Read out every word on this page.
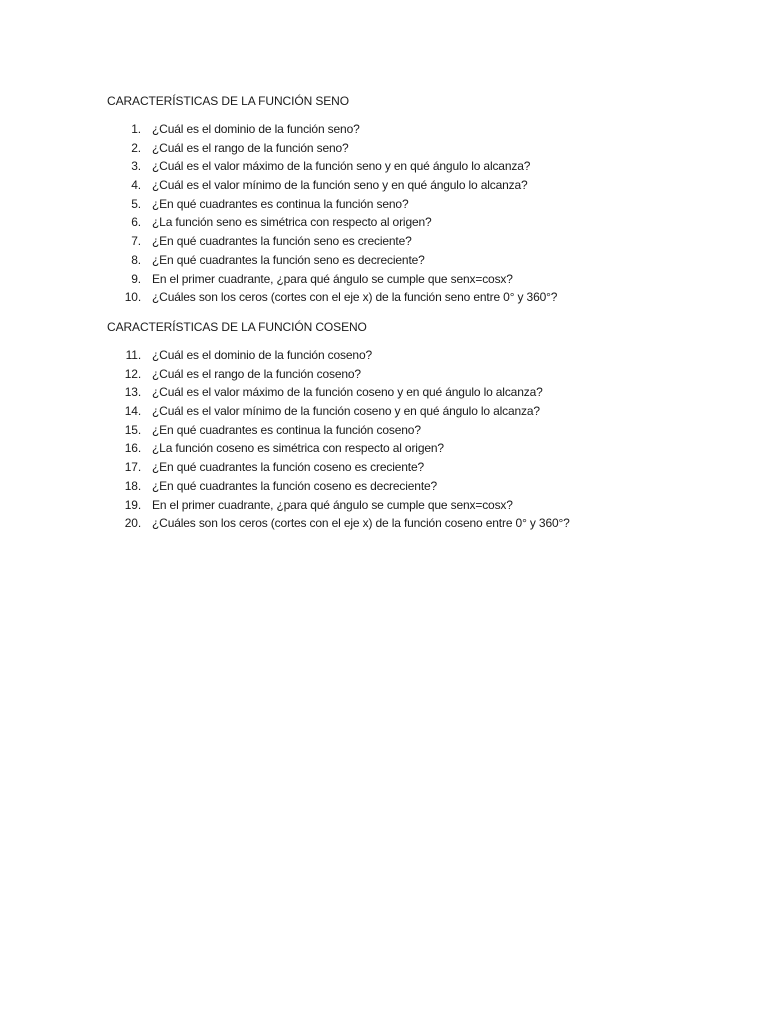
CARACTERÍSTICAS DE LA FUNCIÓN SENO
1. ¿Cuál es el dominio de la función seno?
2. ¿Cuál es el rango de la función seno?
3. ¿Cuál es el valor máximo de la función seno y en qué ángulo lo alcanza?
4. ¿Cuál es el valor mínimo de la función seno y en qué ángulo lo alcanza?
5. ¿En qué cuadrantes es continua la función seno?
6. ¿La función seno es simétrica con respecto al origen?
7. ¿En qué cuadrantes la función seno es creciente?
8. ¿En qué cuadrantes la función seno es decreciente?
9. En el primer cuadrante, ¿para qué ángulo se cumple que senx=cosx?
10. ¿Cuáles son los ceros (cortes con el eje x) de la función seno entre 0° y 360°?
CARACTERÍSTICAS DE LA FUNCIÓN COSENO
11. ¿Cuál es el dominio de la función coseno?
12. ¿Cuál es el rango de la función coseno?
13. ¿Cuál es el valor máximo de la función coseno y en qué ángulo lo alcanza?
14. ¿Cuál es el valor mínimo de la función coseno y en qué ángulo lo alcanza?
15. ¿En qué cuadrantes es continua la función coseno?
16. ¿La función coseno es simétrica con respecto al origen?
17. ¿En qué cuadrantes la función coseno es creciente?
18. ¿En qué cuadrantes la función coseno es decreciente?
19. En el primer cuadrante, ¿para qué ángulo se cumple que senx=cosx?
20. ¿Cuáles son los ceros (cortes con el eje x) de la función coseno entre 0° y 360°?
